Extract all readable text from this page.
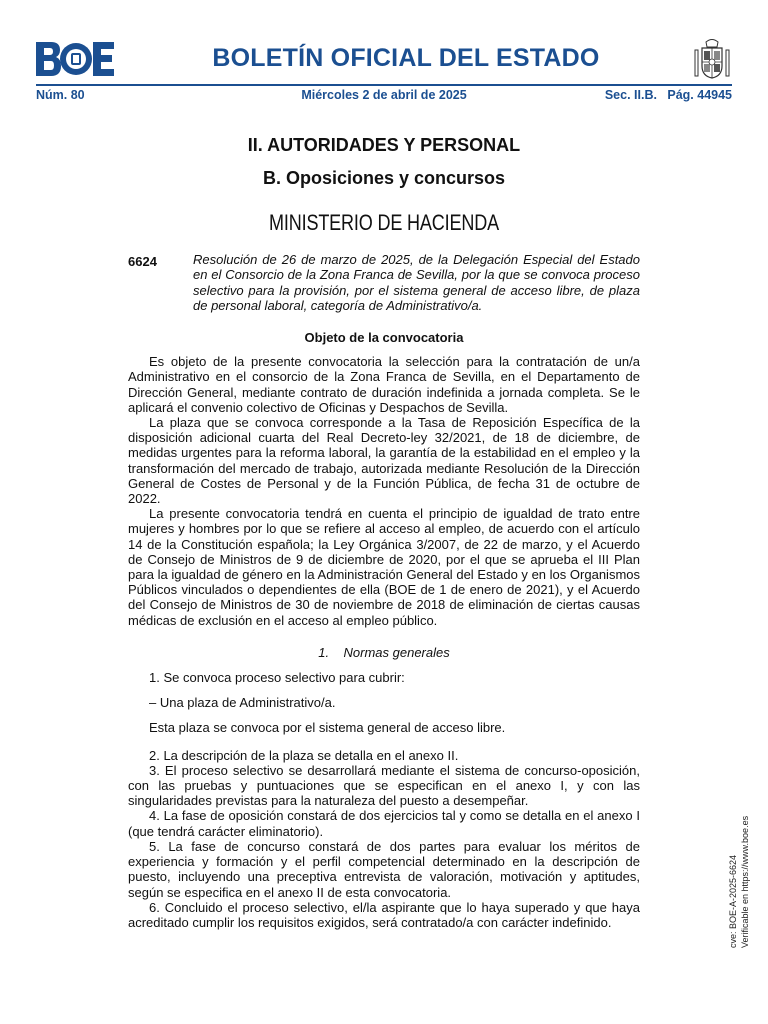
BOLETÍN OFICIAL DEL ESTADO
Miércoles 2 de abril de 2025
Núm. 80	Sec. II.B.   Pág. 44945
II. AUTORIDADES Y PERSONAL
B. Oposiciones y concursos
MINISTERIO DE HACIENDA
6624	Resolución de 26 de marzo de 2025, de la Delegación Especial del Estado en el Consorcio de la Zona Franca de Sevilla, por la que se convoca proceso selectivo para la provisión, por el sistema general de acceso libre, de plaza de personal laboral, categoría de Administrativo/a.

Objeto de la convocatoria

Es objeto de la presente convocatoria la selección para la contratación de un/a Administrativo en el consorcio de la Zona Franca de Sevilla, en el Departamento de Dirección General, mediante contrato de duración indefinida a jornada completa. Se le aplicará el convenio colectivo de Oficinas y Despachos de Sevilla.

La plaza que se convoca corresponde a la Tasa de Reposición Específica de la disposición adicional cuarta del Real Decreto-ley 32/2021, de 18 de diciembre, de medidas urgentes para la reforma laboral, la garantía de la estabilidad en el empleo y la transformación del mercado de trabajo, autorizada mediante Resolución de la Dirección General de Costes de Personal y de la Función Pública, de fecha 31 de octubre de 2022.

La presente convocatoria tendrá en cuenta el principio de igualdad de trato entre mujeres y hombres por lo que se refiere al acceso al empleo, de acuerdo con el artículo 14 de la Constitución española; la Ley Orgánica 3/2007, de 22 de marzo, y el Acuerdo de Consejo de Ministros de 9 de diciembre de 2020, por el que se aprueba el III Plan para la igualdad de género en la Administración General del Estado y en los Organismos Públicos vinculados o dependientes de ella (BOE de 1 de enero de 2021), y el Acuerdo del Consejo de Ministros de 30 de noviembre de 2018 de eliminación de ciertas causas médicas de exclusión en el acceso al empleo público.

1.    Normas generales

1. Se convoca proceso selectivo para cubrir:

– Una plaza de Administrativo/a.

Esta plaza se convoca por el sistema general de acceso libre.

2. La descripción de la plaza se detalla en el anexo II.

3. El proceso selectivo se desarrollará mediante el sistema de concurso-oposición, con las pruebas y puntuaciones que se especifican en el anexo I, y con las singularidades previstas para la naturaleza del puesto a desempeñar.

4. La fase de oposición constará de dos ejercicios tal y como se detalla en el anexo I (que tendrá carácter eliminatorio).

5. La fase de concurso constará de dos partes para evaluar los méritos de experiencia y formación y el perfil competencial determinado en la descripción de puesto, incluyendo una preceptiva entrevista de valoración, motivación y aptitudes, según se especifica en el anexo II de esta convocatoria.

6. Concluido el proceso selectivo, el/la aspirante que lo haya superado y que haya acreditado cumplir los requisitos exigidos, será contratado/a con carácter indefinido.	cve: BOE-A-2025-6624 Verificable en https://www.boe.es
